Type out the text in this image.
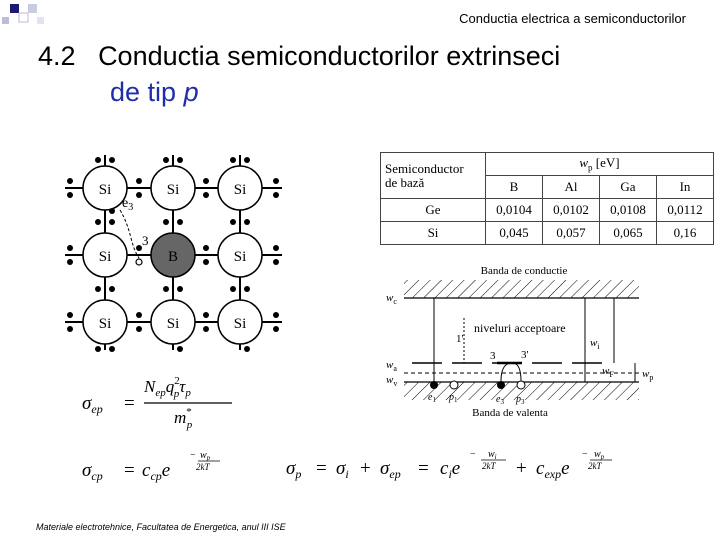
Conductia electrica a semiconductorilor
4.2 Conductia semiconductorilor extrinseci
de tip p
Si	Si	Si
Si	B	Si
Si	Si	Si
$e_3$
3
Semiconductor
de bază	$w_p$ [eV]			
	B	Al	Ga	In
Ge	0,0104	0,0102	0,0108	0,0112
Si	0,045	0,057	0,065	0,16
Banda de conductie
niveluri acceptoare
$w_c$
$w_a$
$w_v$
$w_i$
$w_F$	$w_p$
1'
3 3'
$e_1$ $p_1$	$e_3$ $p_3$
Banda de valenta
$\sigma_{ep}$ =
$N_{ep}q^2$ $p\tau_p$
m* p
$\sigma_{cp} = c_{cp}e$
− $w_p$
2kT	$\sigma_p = \sigma_i + \sigma_{ep} = c_ie$
− $w_i$
$2kT + c_{exp}e$
− $w_p$
2kT
Materiale electrotehnice, Facultatea de Energetica, anul III ISE
